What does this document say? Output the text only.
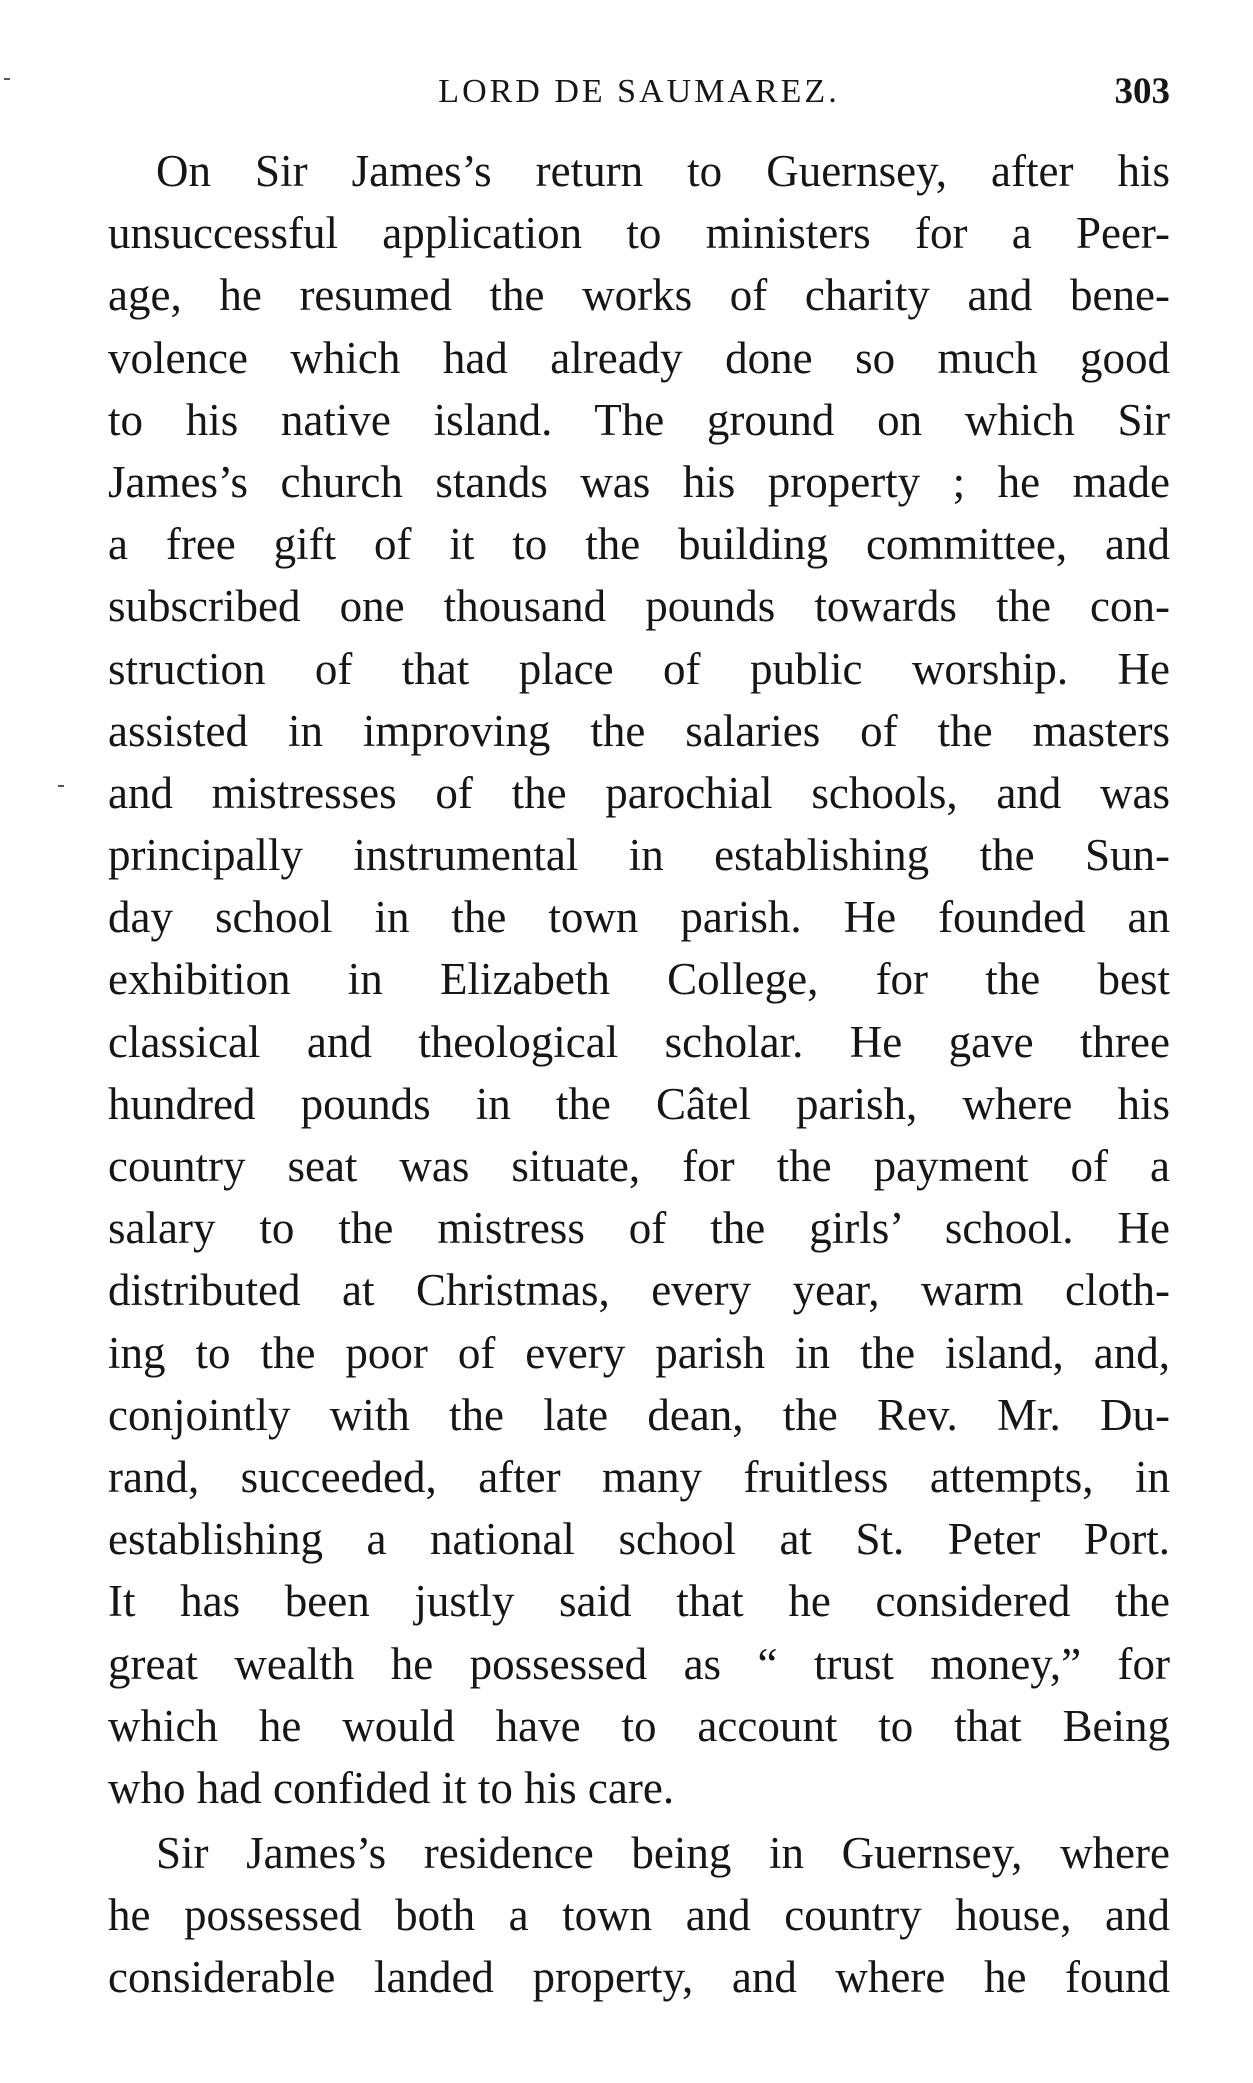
LORD DE SAUMAREZ.	303
On Sir James’s return to Guernsey, after his
unsuccessful application to ministers for a Peer-
age, he resumed the works of charity and bene-
volence which had already done so much good
to his native island. The ground on which Sir
James’s church stands was his property ; he made
a free gift of it to the building committee, and
subscribed one thousand pounds towards the con-
struction of that place of public worship. He
assisted in improving the salaries of the masters
and mistresses of the parochial schools, and was
principally instrumental in establishing the Sun-
day school in the town parish. He founded an
exhibition in Elizabeth College, for the best
classical and theological scholar. He gave three
hundred pounds in the Câtel parish, where his
country seat was situate, for the payment of a
salary to the mistress of the girls’ school. He
distributed at Christmas, every year, warm cloth-
ing to the poor of every parish in the island, and,
conjointly with the late dean, the Rev. Mr. Du-
rand, succeeded, after many fruitless attempts, in
establishing a national school at St. Peter Port.
It has been justly said that he considered the
great wealth he possessed as “ trust money,” for
which he would have to account to that Being
who had confided it to his care.
Sir James’s residence being in Guernsey, where
he possessed both a town and country house, and
considerable landed property, and where he found
